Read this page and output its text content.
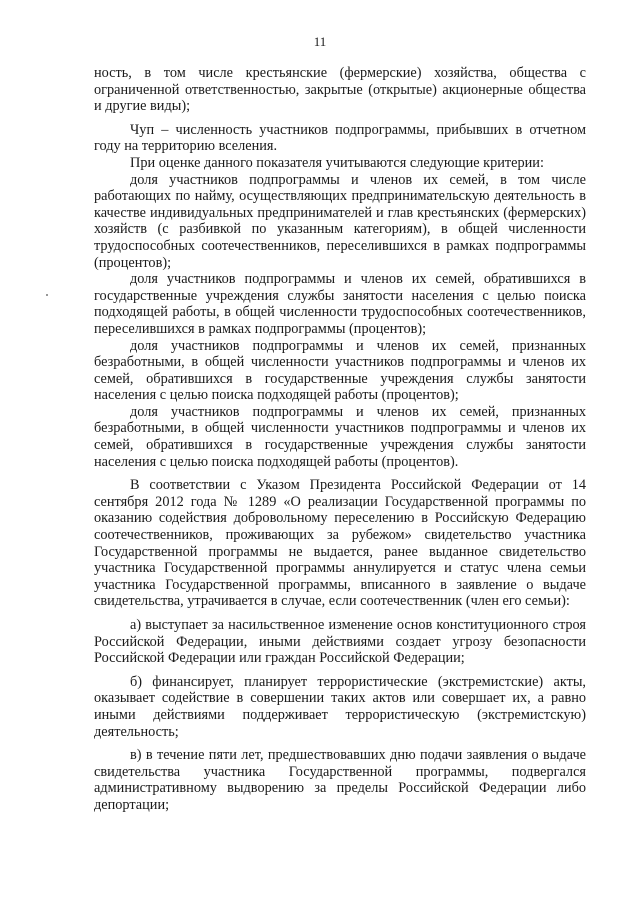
11

ность, в том числе крестьянские (фермерские) хозяйства, общества с ограниченной ответственностью, закрытые (открытые) акционерные общества и другие виды);

Чуп – численность участников подпрограммы, прибывших в отчетном году на территорию вселения.

При оценке данного показателя учитываются следующие критерии:

доля участников подпрограммы и членов их семей, в том числе работающих по найму, осуществляющих предпринимательскую деятельность в качестве индивидуальных предпринимателей и глав крестьянских (фермерских) хозяйств (с разбивкой по указанным категориям), в общей численности трудоспособных соотечественников, переселившихся в рамках подпрограммы (процентов);

доля участников подпрограммы и членов их семей, обратившихся в государственные учреждения службы занятости населения с целью поиска подходящей работы, в общей численности трудоспособных соотечественников, переселившихся в рамках подпрограммы (процентов);

доля участников подпрограммы и членов их семей, признанных безработными, в общей численности участников подпрограммы и членов их семей, обратившихся в государственные учреждения службы занятости населения с целью поиска подходящей работы (процентов);

доля участников подпрограммы и членов их семей, признанных безработными, в общей численности участников подпрограммы и членов их семей, обратившихся в государственные учреждения службы занятости населения с целью поиска подходящей работы (процентов).

В соответствии с Указом Президента Российской Федерации от 14 сентября 2012 года № 1289 «О реализации Государственной программы по оказанию содействия добровольному переселению в Российскую Федерацию соотечественников, проживающих за рубежом» свидетельство участника Государственной программы не выдается, ранее выданное свидетельство участника Государственной программы аннулируется и статус члена семьи участника Государственной программы, вписанного в заявление о выдаче свидетельства, утрачивается в случае, если соотечественник (член его семьи):

а) выступает за насильственное изменение основ конституционного строя Российской Федерации, иными действиями создает угрозу безопасности Российской Федерации или граждан Российской Федерации;

б) финансирует, планирует террористические (экстремистские) акты, оказывает содействие в совершении таких актов или совершает их, а равно иными действиями поддерживает террористическую (экстремистскую) деятельность;

в) в течение пяти лет, предшествовавших дню подачи заявления о выдаче свидетельства участника Государственной программы, подвергался административному выдворению за пределы Российской Федерации либо депортации;
